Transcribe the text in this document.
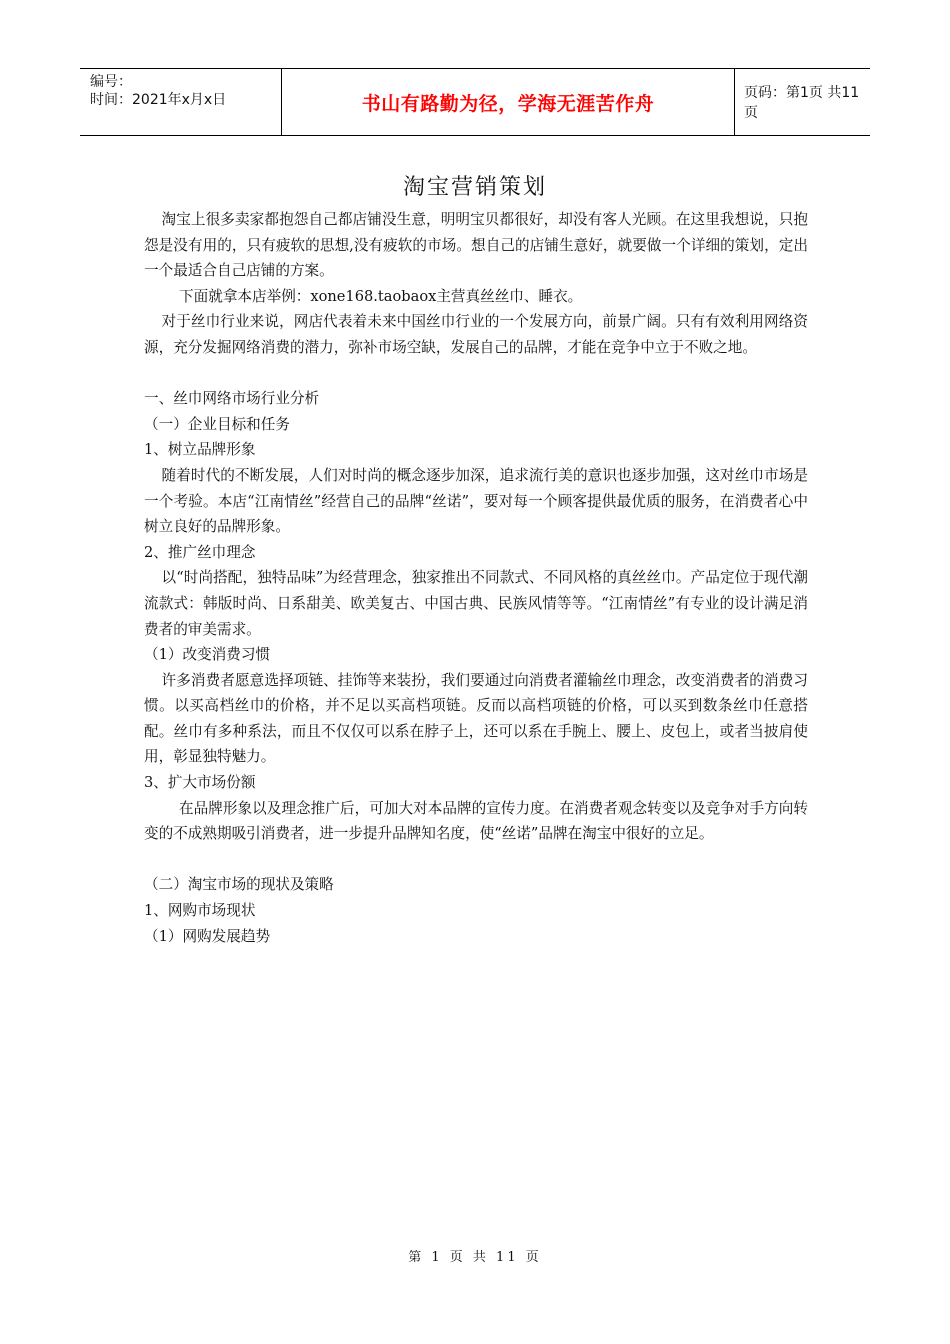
编号：
时间：2021年x月x日	书山有路勤为径，学海无涯苦作舟	页码：第1页 共11页
淘宝营销策划

淘宝上很多卖家都抱怨自己都店铺没生意，明明宝贝都很好，却没有客人光顾。在这里我想说，只抱怨是没有用的，只有疲软的思想,没有疲软的市场。想自己的店铺生意好，就要做一个详细的策划，定出一个最适合自己店铺的方案。

下面就拿本店举例：xone168.taobaox主营真丝丝巾、睡衣。

对于丝巾行业来说，网店代表着未来中国丝巾行业的一个发展方向，前景广阔。只有有效利用网络资源，充分发掘网络消费的潜力，弥补市场空缺，发展自己的品牌，才能在竞争中立于不败之地。

一、丝巾网络市场行业分析

（一）企业目标和任务

1、树立品牌形象

随着时代的不断发展，人们对时尚的概念逐步加深，追求流行美的意识也逐步加强，这对丝巾市场是一个考验。本店“江南情丝”经营自己的品牌“丝诺”，要对每一个顾客提供最优质的服务，在消费者心中树立良好的品牌形象。

2、推广丝巾理念

以“时尚搭配，独特品味”为经营理念，独家推出不同款式、不同风格的真丝丝巾。产品定位于现代潮流款式：韩版时尚、日系甜美、欧美复古、中国古典、民族风情等等。“江南情丝”有专业的设计满足消费者的审美需求。

（1）改变消费习惯

许多消费者愿意选择项链、挂饰等来装扮，我们要通过向消费者灌输丝巾理念，改变消费者的消费习惯。以买高档丝巾的价格，并不足以买高档项链。反而以高档项链的价格，可以买到数条丝巾任意搭配。丝巾有多种系法，而且不仅仅可以系在脖子上，还可以系在手腕上、腰上、皮包上，或者当披肩使用，彰显独特魅力。

3、扩大市场份额

在品牌形象以及理念推广后，可加大对本品牌的宣传力度。在消费者观念转变以及竞争对手方向转变的不成熟期吸引消费者，进一步提升品牌知名度，使“丝诺”品牌在淘宝中很好的立足。

（二）淘宝市场的现状及策略

1、网购市场现状

（1）网购发展趋势

第 1 页 共 11 页
